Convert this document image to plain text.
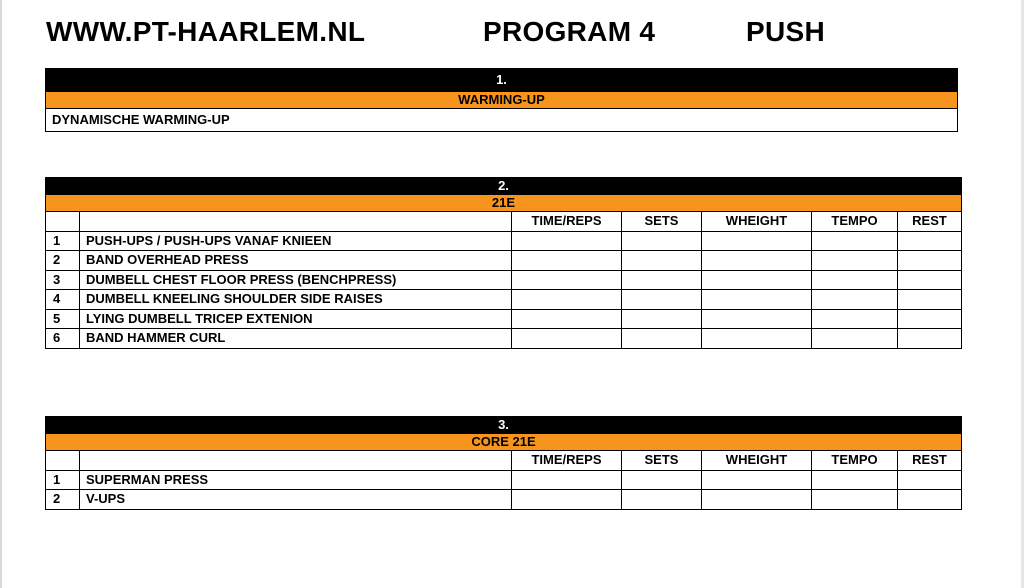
WWW.PT-HAARLEM.NL	PROGRAM 4	PUSH
1.
WARMING-UP
DYNAMISCHE WARMING-UP
2.						
21E						
		TIME/REPS	SETS	WHEIGHT	TEMPO	REST
1	PUSH-UPS / PUSH-UPS VANAF KNIEEN					
2	BAND OVERHEAD PRESS					
3	DUMBELL CHEST FLOOR PRESS (BENCHPRESS)					
4	DUMBELL KNEELING SHOULDER SIDE RAISES					
5	LYING DUMBELL TRICEP EXTENION					
6	BAND HAMMER CURL					
3.						
CORE 21E						
		TIME/REPS	SETS	WHEIGHT	TEMPO	REST
1	SUPERMAN PRESS					
2	V-UPS					
